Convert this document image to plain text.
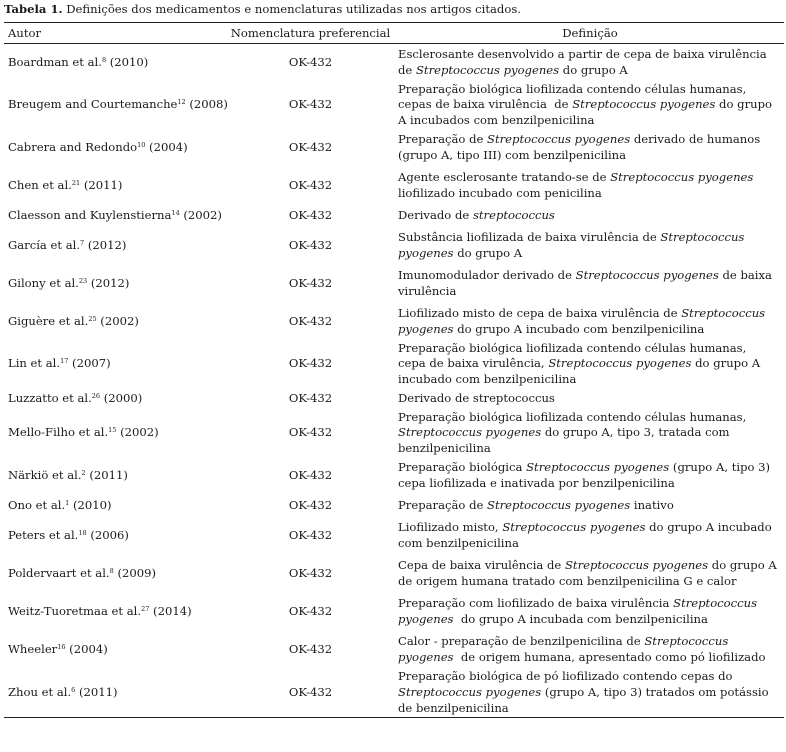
Tabela 1. Definições dos medicamentos e nomenclaturas utilizadas nos artigos citados.
Autor	Nomenclatura preferencial	Definição
Boardman et al.$^8$ (2010)	OK-432	Esclerosante desenvolvido a partir de cepa de baixa virulência
de Streptococcus pyogenes do grupo A

Breugem and Courtemanche$^{12}$ (2008)	OK-432	Preparação biológica liofilizada contendo células humanas,
cepas de baixa virulência  de Streptococcus pyogenes do grupo
A incubados com benzilpenicilina

Cabrera and Redondo$^{10}$ (2004)	OK-432	Preparação de Streptococcus pyogenes derivado de humanos
(grupo A, tipo III) com benzilpenicilina

Chen et al.$^{21}$ (2011)	OK-432	Agente esclerosante tratando-se de Streptococcus pyogenes
liofilizado incubado com penicilina

Claesson and Kuylenstierna$^{14}$ (2002)	OK-432	Derivado de streptococcus

García et al.$^7$ (2012)	OK-432	Substância liofilizada de baixa virulência de Streptococcus
pyogenes do grupo A

Gilony et al.$^{23}$ (2012)	OK-432	Imunomodulador derivado de Streptococcus pyogenes de baixa
virulência

Giguère et al.$^{25}$ (2002)	OK-432	Liofilizado misto de cepa de baixa virulência de Streptococcus
pyogenes do grupo A incubado com benzilpenicilina

Lin et al.$^{17}$ (2007)	OK-432	Preparação biológica liofilizada contendo células humanas,
cepa de baixa virulência, Streptococcus pyogenes do grupo A
incubado com benzilpenicilina

Luzzatto et al.$^{26}$ (2000)	OK-432	Derivado de streptococcus

Mello-Filho et al.$^{15}$ (2002)	OK-432	Preparação biológica liofilizada contendo células humanas,
Streptococcus pyogenes do grupo A, tipo 3, tratada com
benzilpenicilina

Närkiö et al.$^2$ (2011)	OK-432	Preparação biológica Streptococcus pyogenes (grupo A, tipo 3)
cepa liofilizada e inativada por benzilpenicilina

Ono et al.$^1$ (2010)	OK-432	Preparação de Streptococcus pyogenes inativo

Peters et al.$^{18}$ (2006)	OK-432	Liofilizado misto, Streptococcus pyogenes do grupo A incubado
com benzilpenicilina

Poldervaart et al.$^8$ (2009)	OK-432	Cepa de baixa virulência de Streptococcus pyogenes do grupo A
de origem humana tratado com benzilpenicilina G e calor

Weitz-Tuoretmaa et al.$^{27}$ (2014)	OK-432	Preparação com liofilizado de baixa virulência Streptococcus
pyogenes  do grupo A incubada com benzilpenicilina

Wheeler$^{16}$ (2004)	OK-432	Calor - preparação de benzilpenicilina de Streptococcus
pyogenes  de origem humana, apresentado como pó liofilizado

Zhou et al.$^6$ (2011)	OK-432	Preparação biológica de pó liofilizado contendo cepas do
Streptococcus pyogenes (grupo A, tipo 3) tratados om potássio
de benzilpenicilina
